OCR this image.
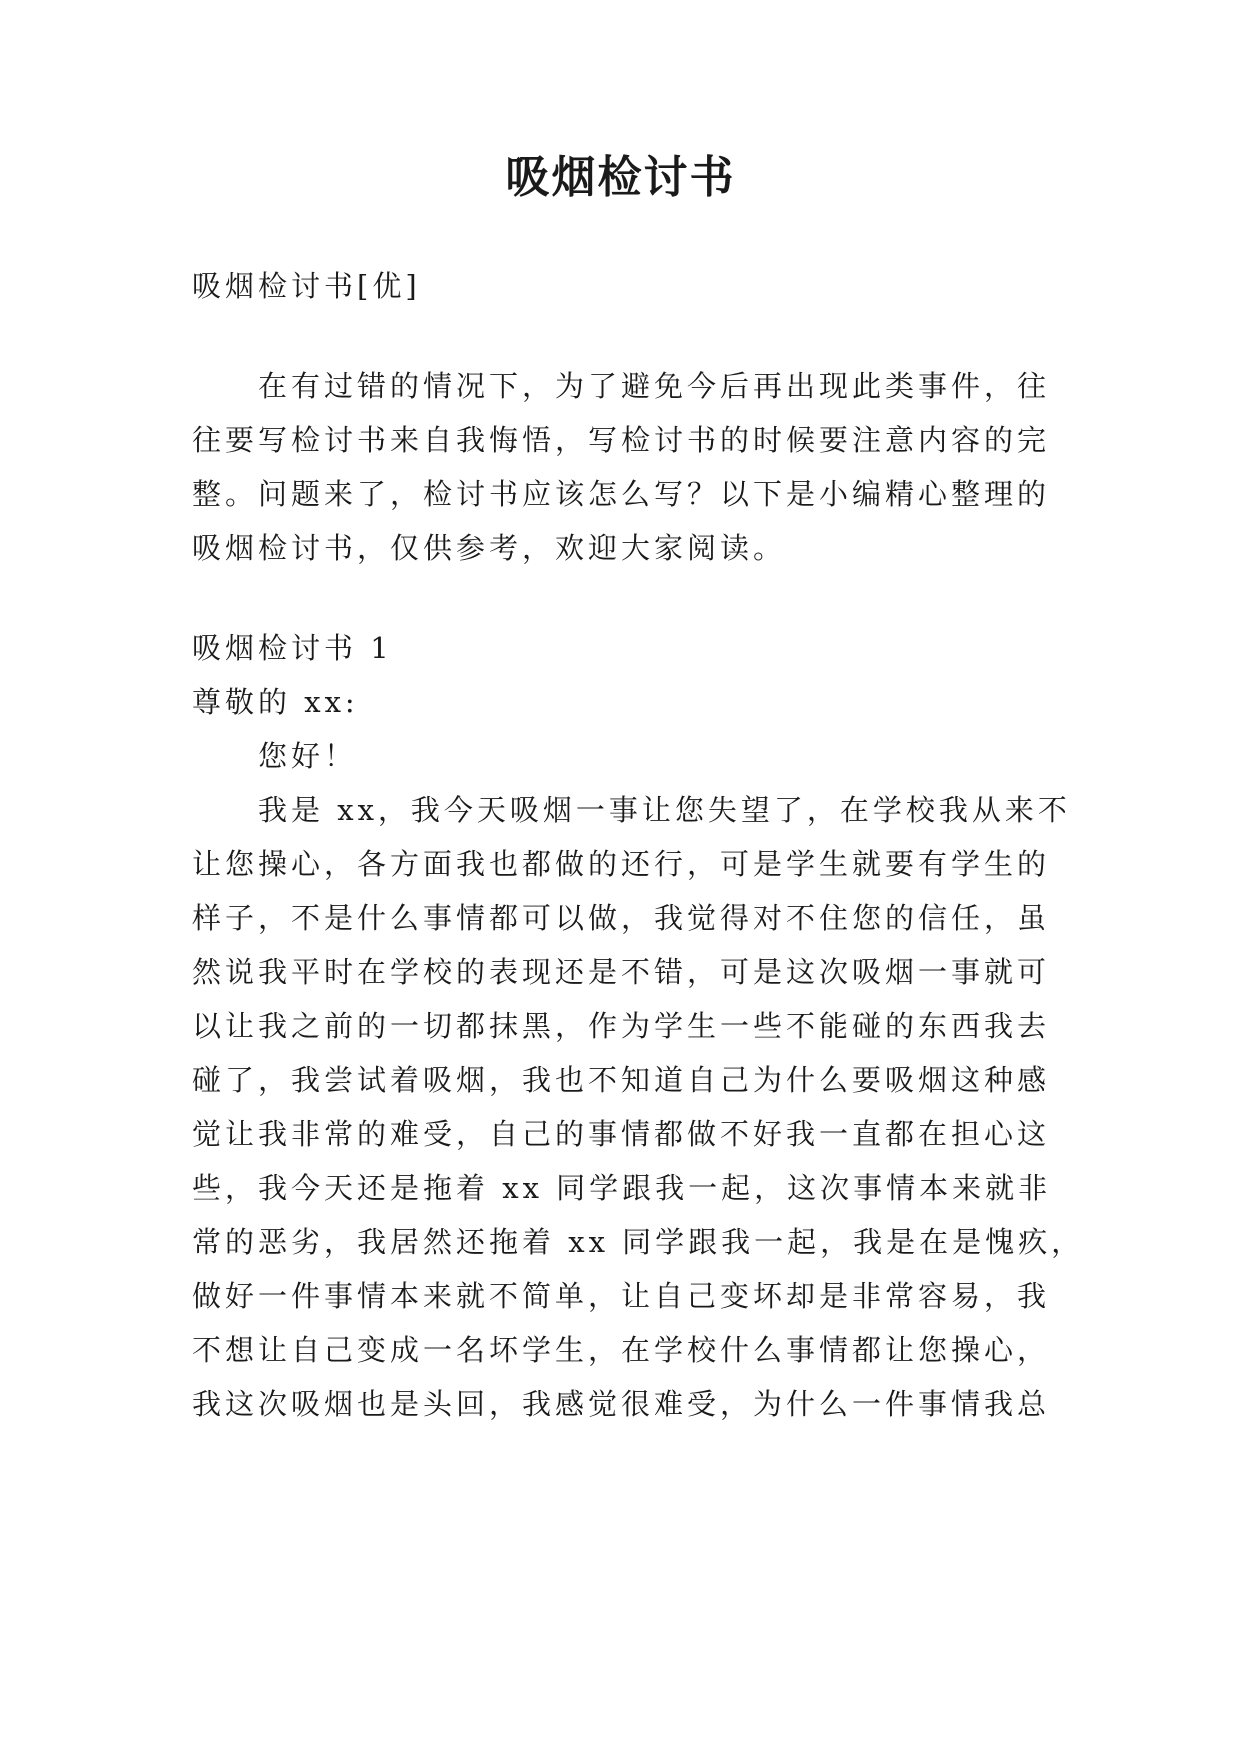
吸烟检讨书
吸烟检讨书[优]
在有过错的情况下，为了避免今后再出现此类事件，往
往要写检讨书来自我悔悟，写检讨书的时候要注意内容的完
整。问题来了，检讨书应该怎么写？以下是小编精心整理的
吸烟检讨书，仅供参考，欢迎大家阅读。
吸烟检讨书 1
尊敬的 xx:
您好！
我是 xx，我今天吸烟一事让您失望了，在学校我从来不
让您操心，各方面我也都做的还行，可是学生就要有学生的
样子，不是什么事情都可以做，我觉得对不住您的信任，虽
然说我平时在学校的表现还是不错，可是这次吸烟一事就可
以让我之前的一切都抹黑，作为学生一些不能碰的东西我去
碰了，我尝试着吸烟，我也不知道自己为什么要吸烟这种感
觉让我非常的难受，自己的事情都做不好我一直都在担心这
些，我今天还是拖着 xx 同学跟我一起，这次事情本来就非
常的恶劣，我居然还拖着 xx 同学跟我一起，我是在是愧疚，
做好一件事情本来就不简单，让自己变坏却是非常容易，我
不想让自己变成一名坏学生，在学校什么事情都让您操心，
我这次吸烟也是头回，我感觉很难受，为什么一件事情我总
